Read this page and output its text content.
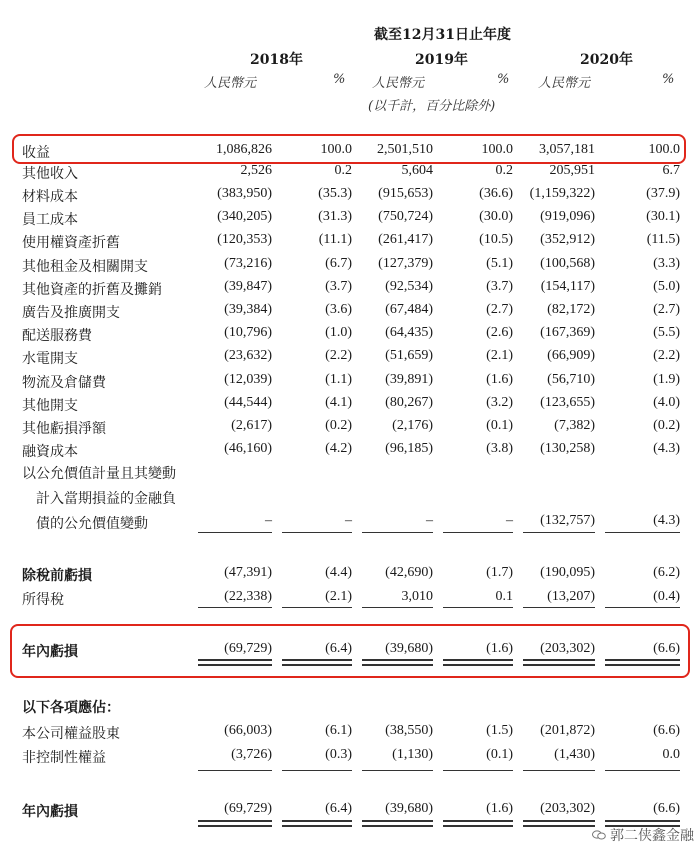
截至12月31日止年度
2018年	2019年	2020年
人民幣元	% 人民幣元	% 人民幣元	%
(以千計，百分比除外)
收益	1,086,826	100.0 2,501,510	100.0 3,057,181	100.0
其他收入	2,526	0.2	5,604	0.2	205,951	6.7
材料成本	(383,950)	(35.3) (915,653)	(36.6) (1,159,322)	(37.9)
員工成本	(340,205)	(31.3) (750,724)	(30.0) (919,096)	(30.1)
使用權資產折舊	(120,353)	(11.1) (261,417)	(10.5) (352,912)	(11.5)
其他租金及相關開支	(73,216)	(6.7) (127,379)	(5.1) (100,568)	(3.3)
其他資產的折舊及攤銷	(39,847)	(3.7) (92,534)	(3.7) (154,117)	(5.0)
廣告及推廣開支	(39,384)	(3.6) (67,484)	(2.7) (82,172)	(2.7)
配送服務費	(10,796)	(1.0) (64,435)	(2.6) (167,369)	(5.5)
水電開支	(23,632)	(2.2) (51,659)	(2.1) (66,909)	(2.2)
物流及倉儲費	(12,039)	(1.1) (39,891)	(1.6) (56,710)	(1.9)
其他開支	(44,544)	(4.1) (80,267)	(3.2) (123,655)	(4.0)
其他虧損淨額	(2,617)	(0.2)	(2,176)	(0.1)	(7,382)	(0.2)
融資成本	(46,160)	(4.2) (96,185)	(3.8) (130,258)	(4.3)
以公允價值計量且其變動
　計入當期損益的金融負
　債的公允價值變動	–	–	–	– (132,757)	(4.3)
除稅前虧損	(47,391)	(4.4) (42,690)	(1.7) (190,095)	(6.2)
所得稅	(22,338)	(2.1)	3,010	0.1 (13,207)	(0.4)
年內虧損	(69,729)	(6.4) (39,680)	(1.6) (203,302)	(6.6)
以下各項應佔：
本公司權益股東	(66,003)	(6.1) (38,550)	(1.5) (201,872)	(6.6)
非控制性權益	(3,726)	(0.3)	(1,130)	(0.1)	(1,430)	0.0
年內虧損	(69,729)	(6.4) (39,680)	(1.6) (203,302)	(6.6)
郭二侠鑫金融
